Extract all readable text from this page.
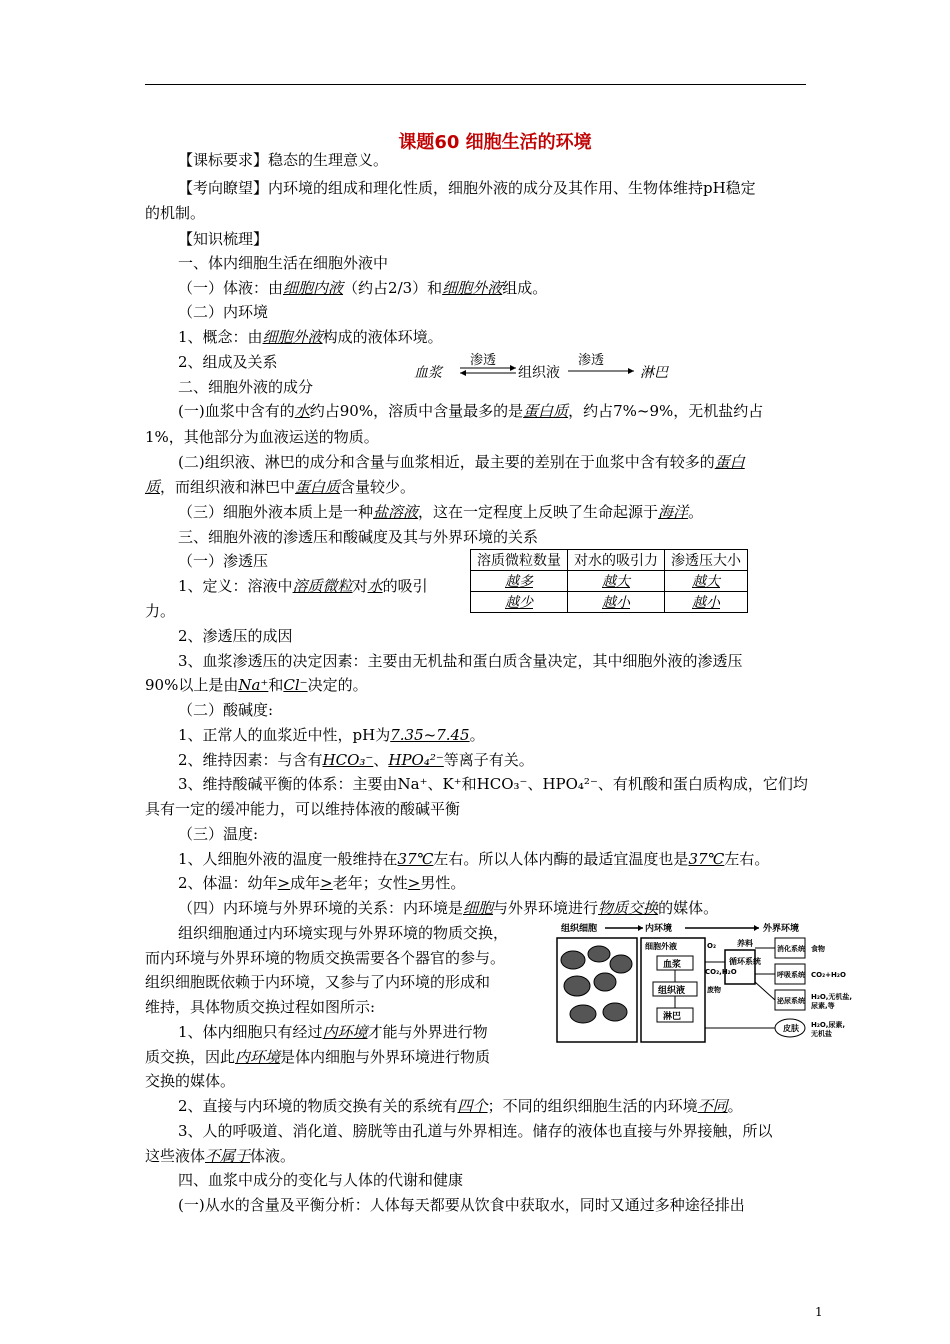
课题60 细胞生活的环境
【课标要求】稳态的生理意义。
【考向瞭望】内环境的组成和理化性质，细胞外液的成分及其作用、生物体维持pH稳定
的机制。
【知识梳理】
一、体内细胞生活在细胞外液中
（一）体液：由细胞内液（约占2/3）和细胞外液组成。
（二）内环境
1、概念：由细胞外液构成的液体环境。
2、组成及关系
二、细胞外液的成分
血浆
渗透
组织液
渗透
淋巴
(一)血浆中含有的水约占90%，溶质中含量最多的是蛋白质，约占7%~9%，无机盐约占
1%，其他部分为血液运送的物质。
(二)组织液、淋巴的成分和含量与血浆相近，最主要的差别在于血浆中含有较多的蛋白
质，而组织液和淋巴中蛋白质含量较少。
（三）细胞外液本质上是一种盐溶液，这在一定程度上反映了生命起源于海洋。
三、细胞外液的渗透压和酸碱度及其与外界环境的关系
（一）渗透压	溶质微粒数量	对水的吸引力	渗透压大小
越多	越大	越大
越少	越小	越小
1、定义：溶液中溶质微粒对水的吸引
力。
2、渗透压的成因
3、血浆渗透压的决定因素：主要由无机盐和蛋白质含量决定，其中细胞外液的渗透压
90%以上是由Na⁺和Cl⁻决定的。
（二）酸碱度:
1、正常人的血浆近中性，pH为7.35~7.45。
2、维持因素：与含有HCO₃⁻、HPO₄²⁻等离子有关。
3、维持酸碱平衡的体系：主要由Na⁺、K⁺和HCO₃⁻、HPO₄²⁻、有机酸和蛋白质构成，它们均
具有一定的缓冲能力，可以维持体液的酸碱平衡
（三）温度:
1、人细胞外液的温度一般维持在37℃左右。所以人体内酶的最适宜温度也是37℃左右。
2、体温：幼年>成年>老年；女性>男性。
（四）内环境与外界环境的关系：内环境是细胞与外界环境进行物质交换的媒体。
组织细胞通过内环境实现与外界环境的物质交换，
而内环境与外界环境的物质交换需要各个器官的参与。
组织细胞既依赖于内环境，又参与了内环境的形成和
维持，具体物质交换过程如图所示:
1、体内细胞只有经过内环境才能与外界进行物
质交换，因此内环境是体内细胞与外界环境进行物质
交换的媒体。
2、直接与内环境的物质交换有关的系统有四个；不同的组织细胞生活的内环境不同。
3、人的呼吸道、消化道、膀胱等由孔道与外界相连。储存的液体也直接与外界接触，所以
这些液体不属于体液。
四、血浆中成分的变化与人体的代谢和健康
(一)从水的含量及平衡分析：人体每天都要从饮食中获取水，同时又通过多种途径排出
组织细胞	内环境	外界环境
细胞外液
血浆
组织液
淋巴
循环系统
O₂
CO₂,H₂O
废物
养料
消化系统
呼吸系统
泌尿系统
皮肤
食物
CO₂+H₂O
H₂O,无机盐,
尿素,等
H₂O,尿素,
无机盐
1
